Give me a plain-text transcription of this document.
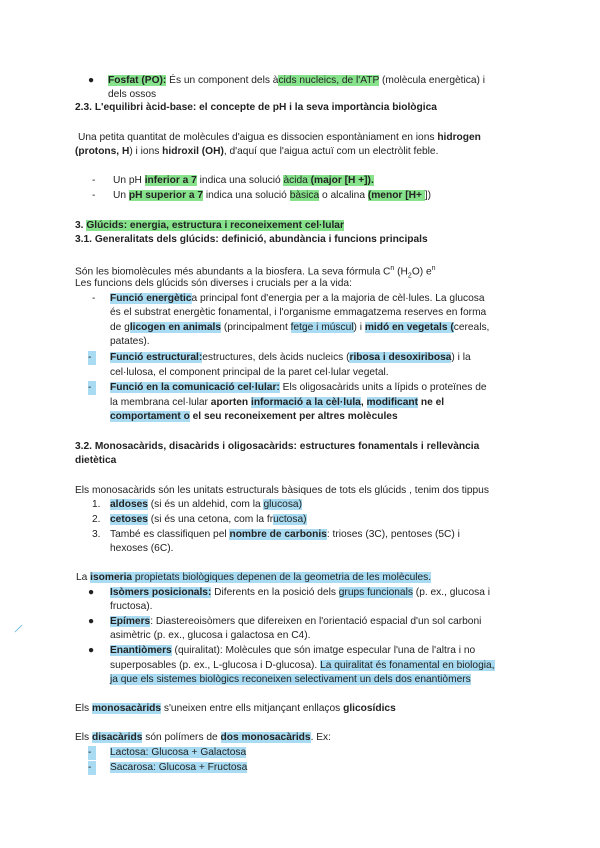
● Fosfat (PO): És un component dels àcids nucleics, de l'ATP (molècula energètica) i
dels ossos
2.3. L'equilibri àcid-base: el concepte de pH i la seva importància biològica
Una petita quantitat de molècules d'aigua es dissocien espontàniament en ions hidrogen
(protons, H) i ions hidroxil (OH), d'aquí que l'aigua actuï com un electròlit feble.
- Un pH inferior a 7 indica una solució àcida (major [H +]).
- Un pH superior a 7 indica una solució bàsica o alcalina (menor [H+ ])
3. Glúcids: energia, estructura i reconeixement cel·lular
3.1. Generalitats dels glúcids: definició, abundància i funcions principals
Són les biomolècules més abundants a la biosfera. La seva fórmula $C^n$ $(H_2O)$ $e^n$
Les funcions dels glúcids són diverses i crucials per a la vida:
- Funció energètica principal font d'energia per a la majoria de cèl·lules. La glucosa
és el substrat energètic fonamental, i l'organisme emmagatzema reserves en forma
de glicogen en animals (principalment fetge i múscul) i midó en vegetals (cereals,
patates).
-	Funció estructural:estructures, dels àcids nucleics (ribosa i desoxiribosa) i la
cel·lulosa, el component principal de la paret cel·lular vegetal.
-	Funció en la comunicació cel·lular: Els oligosacàrids units a lípids o proteïnes de
la membrana cel·lular aporten informació a la cèl·lula, modificant ne el
comportament o el seu reconeixement per altres molècules
3.2. Monosacàrids, disacàrids i oligosacàrids: estructures fonamentals i rellevància
dietètica
Els monosacàrids són les unitats estructurals bàsiques de tots els glúcids , tenim dos tippus
1. aldoses (si és un aldehid, com la glucosa)
2. cetoses (si és una cetona, com la fructosa)
3. També es classifiquen pel nombre de carbonis: trioses (3C), pentoses (5C) i
hexoses (6C).
La isomeria propietats biològiques depenen de la geometria de les molècules.
● Isòmers posicionals: Diferents en la posició dels grups funcionals (p. ex., glucosa i
fructosa).
● Epímers: Diastereoisòmers que difereixen en l'orientació espacial d'un sol carboni
asimètric (p. ex., glucosa i galactosa en C4).
● Enantiòmers (quiralitat): Molècules que són imatge especular l'una de l'altra i no
superposables (p. ex., L-glucosa i D-glucosa). La quiralitat és fonamental en biologia,
ja que els sistemes biològics reconeixen selectivament un dels dos enantiòmers
Els monosacàrids s'uneixen entre ells mitjançant enllaços glicosídics
Els disacàrids són polímers de dos monosacàrids. Ex:
-	Lactosa: Glucosa + Galactosa
-	Sacarosa: Glucosa + Fructosa
